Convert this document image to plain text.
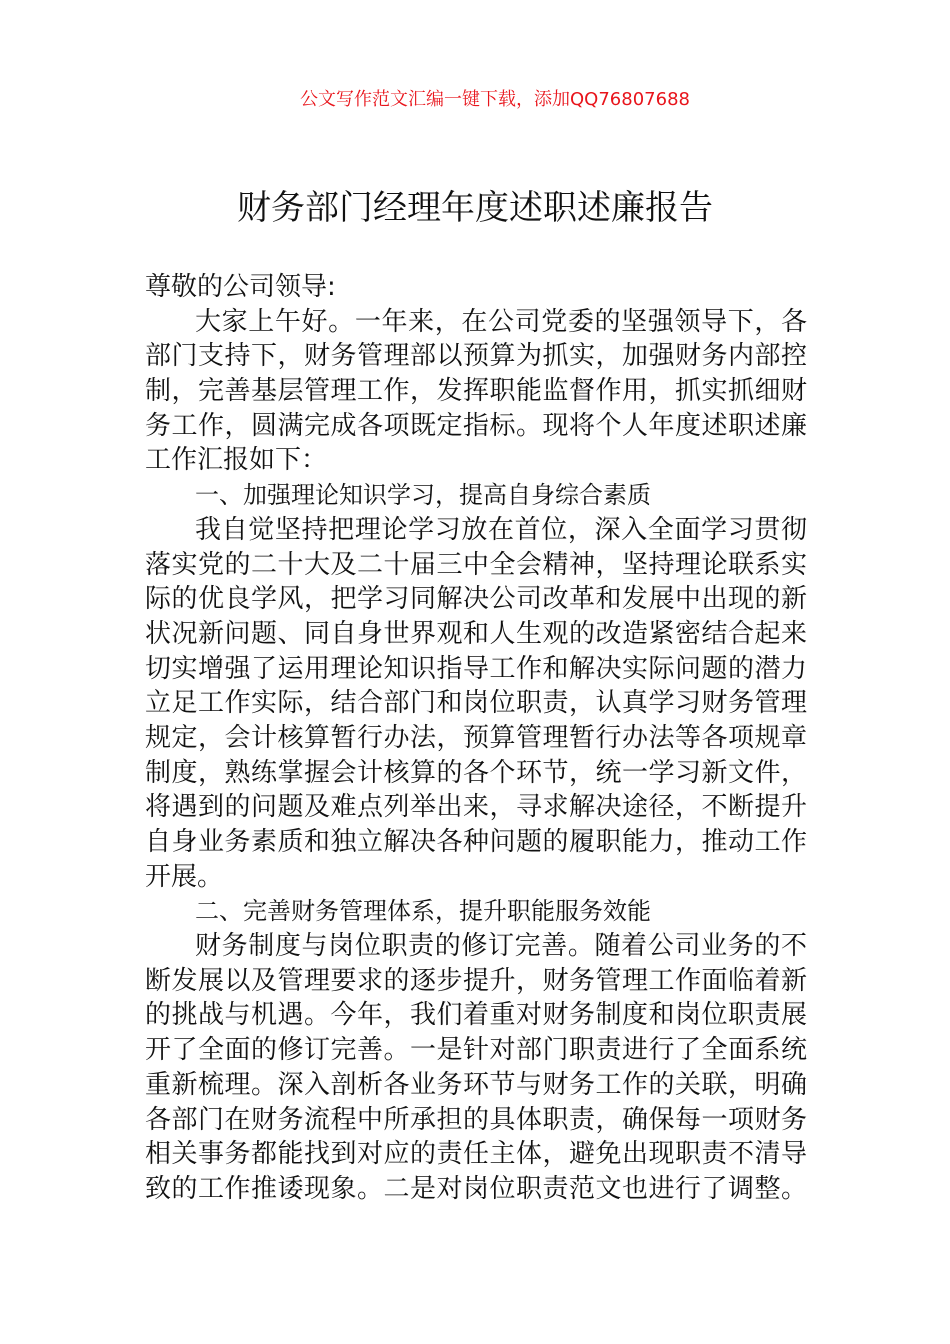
公文写作范文汇编一键下载，添加QQ76807688
财务部门经理年度述职述廉报告
尊敬的公司领导:
大家上午好。一年来，在公司党委的坚强领导下，各
部门支持下，财务管理部以预算为抓实，加强财务内部控
制，完善基层管理工作，发挥职能监督作用，抓实抓细财
务工作，圆满完成各项既定指标。现将个人年度述职述廉
工作汇报如下：
一、加强理论知识学习，提高自身综合素质
我自觉坚持把理论学习放在首位，深入全面学习贯彻
落实党的二十大及二十届三中全会精神，坚持理论联系实
际的优良学风，把学习同解决公司改革和发展中出现的新
状况新问题、同自身世界观和人生观的改造紧密结合起来
切实增强了运用理论知识指导工作和解决实际问题的潜力
立足工作实际，结合部门和岗位职责，认真学习财务管理
规定，会计核算暂行办法，预算管理暂行办法等各项规章
制度，熟练掌握会计核算的各个环节，统一学习新文件，
将遇到的问题及难点列举出来，寻求解决途径，不断提升
自身业务素质和独立解决各种问题的履职能力，推动工作
开展。
二、完善财务管理体系，提升职能服务效能
财务制度与岗位职责的修订完善。随着公司业务的不
断发展以及管理要求的逐步提升，财务管理工作面临着新
的挑战与机遇。今年，我们着重对财务制度和岗位职责展
开了全面的修订完善。一是针对部门职责进行了全面系统
重新梳理。深入剖析各业务环节与财务工作的关联，明确
各部门在财务流程中所承担的具体职责，确保每一项财务
相关事务都能找到对应的责任主体，避免出现职责不清导
致的工作推诿现象。二是对岗位职责范文也进行了调整。
